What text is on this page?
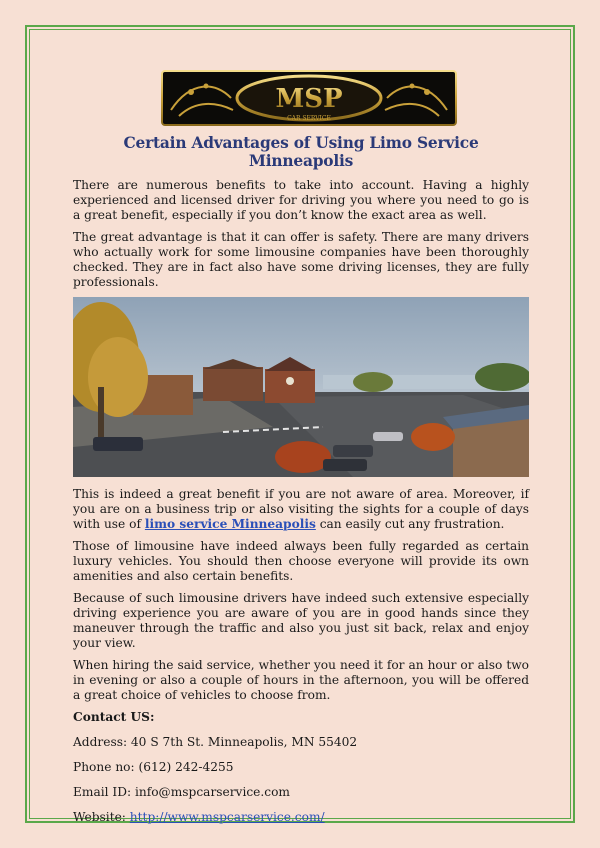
MSP
CAR SERVICE
Certain Advantages of Using Limo Service Minneapolis

There are numerous benefits to take into account. Having a highly experienced and licensed driver for driving you where you need to go is a great benefit, especially if you don’t know the exact area as well.

The great advantage is that it can offer is safety. There are many drivers who actually work for some limousine companies have been thoroughly checked. They are in fact also have some driving licenses, they are fully professionals.

This is indeed a great benefit if you are not aware of area. Moreover, if you are on a business trip or also visiting the sights for a couple of days with use of limo service Minneapolis can easily cut any frustration.

Those of limousine have indeed always been fully regarded as certain luxury vehicles. You should then choose everyone will provide its own amenities and also certain benefits.

Because of such limousine drivers have indeed such extensive especially driving experience you are aware of you are in good hands since they maneuver through the traffic and also you just sit back, relax and enjoy your view.

When hiring the said service, whether you need it for an hour or also two in evening or also a couple of hours in the afternoon, you will be offered a great choice of vehicles to choose from.

Contact US:

Address: 40 S 7th St. Minneapolis, MN 55402

Phone no: (612) 242-4255

Email ID: info@mspcarservice.com

Website: http://www.mspcarservice.com/
